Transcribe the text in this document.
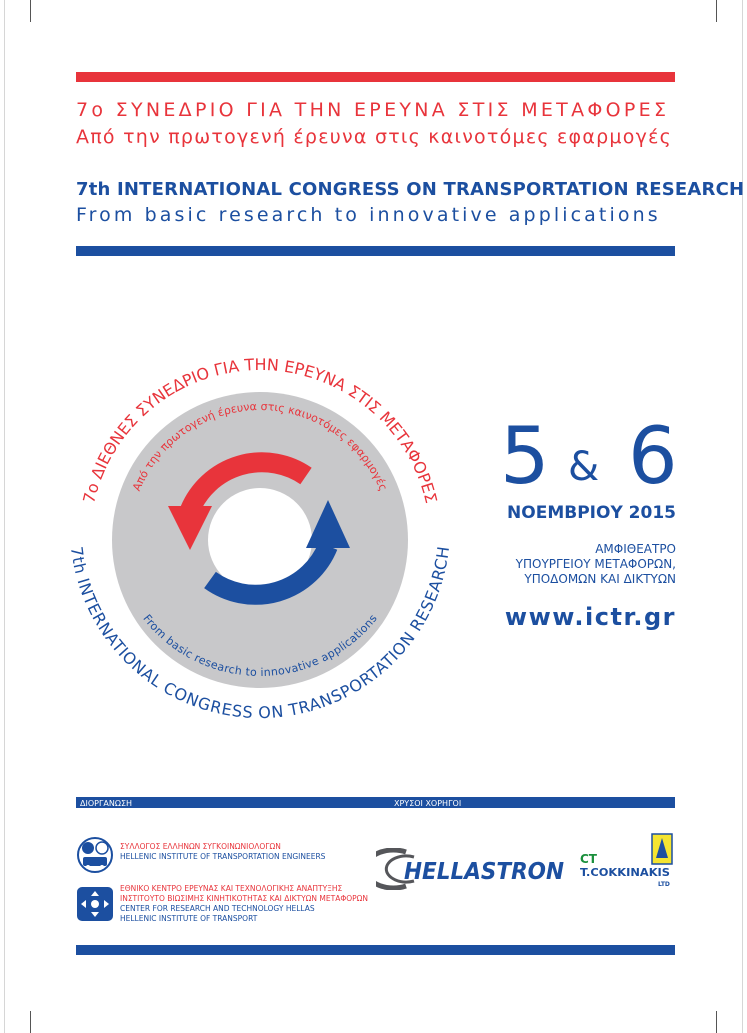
7ο ΣΥΝΕΔΡΙΟ ΓΙΑ ΤΗΝ ΕΡΕΥΝΑ ΣΤΙΣ ΜΕΤΑΦΟΡΕΣ
Από την πρωτογενή έρευνα στις καινοτόμες εφαρμογές
7th INTERNATIONAL CONGRESS ON TRANSPORTATION RESEARCH
From basic research to innovative applications
7ο ΔΙΕΘΝΕΣ ΣΥΝΕΔΡΙΟ ΓΙΑ ΤΗΝ ΕΡΕΥΝΑ ΣΤΙΣ ΜΕΤΑΦΟΡΕΣ
7th INTERNATIONAL CONGRESS ON TRANSPORTATION RESEARCH
Από την πρωτογενή έρευνα στις καινοτόμες εφαρμογές
From basic research to innovative applications
5 & 6
ΝΟΕΜΒΡΙΟΥ 2015
ΑΜΦΙΘΕΑΤΡΟ
ΥΠΟΥΡΓΕΙΟΥ ΜΕΤΑΦΟΡΩΝ,
ΥΠΟΔΟΜΩΝ ΚΑΙ ΔΙΚΤΥΩΝ
www.ictr.gr
ΔΙΟΡΓΑΝΩΣΗ	ΧΡΥΣΟΙ ΧΟΡΗΓΟΙ
ΣΥΛΛΟΓΟΣ ΕΛΛΗΝΩΝ ΣΥΓΚΟΙΝΩΝΙΟΛΟΓΩΝ
HELLENIC INSTITUTE OF TRANSPORTATION ENGINEERS
ΕΘΝΙΚΟ ΚΕΝΤΡΟ ΕΡΕΥΝΑΣ ΚΑΙ ΤΕΧΝΟΛΟΓΙΚΗΣ ΑΝΑΠΤΥΞΗΣ
ΙΝΣΤΙΤΟΥΤΟ ΒΙΩΣΙΜΗΣ ΚΙΝΗΤΙΚΟΤΗΤΑΣ ΚΑΙ ΔΙΚΤΥΩΝ ΜΕΤΑΦΟΡΩΝ
CENTER FOR RESEARCH AND TECHNOLOGY HELLAS
HELLENIC INSTITUTE OF TRANSPORT
HELLASTRON CT
T.COKKINAKIS
LTD
